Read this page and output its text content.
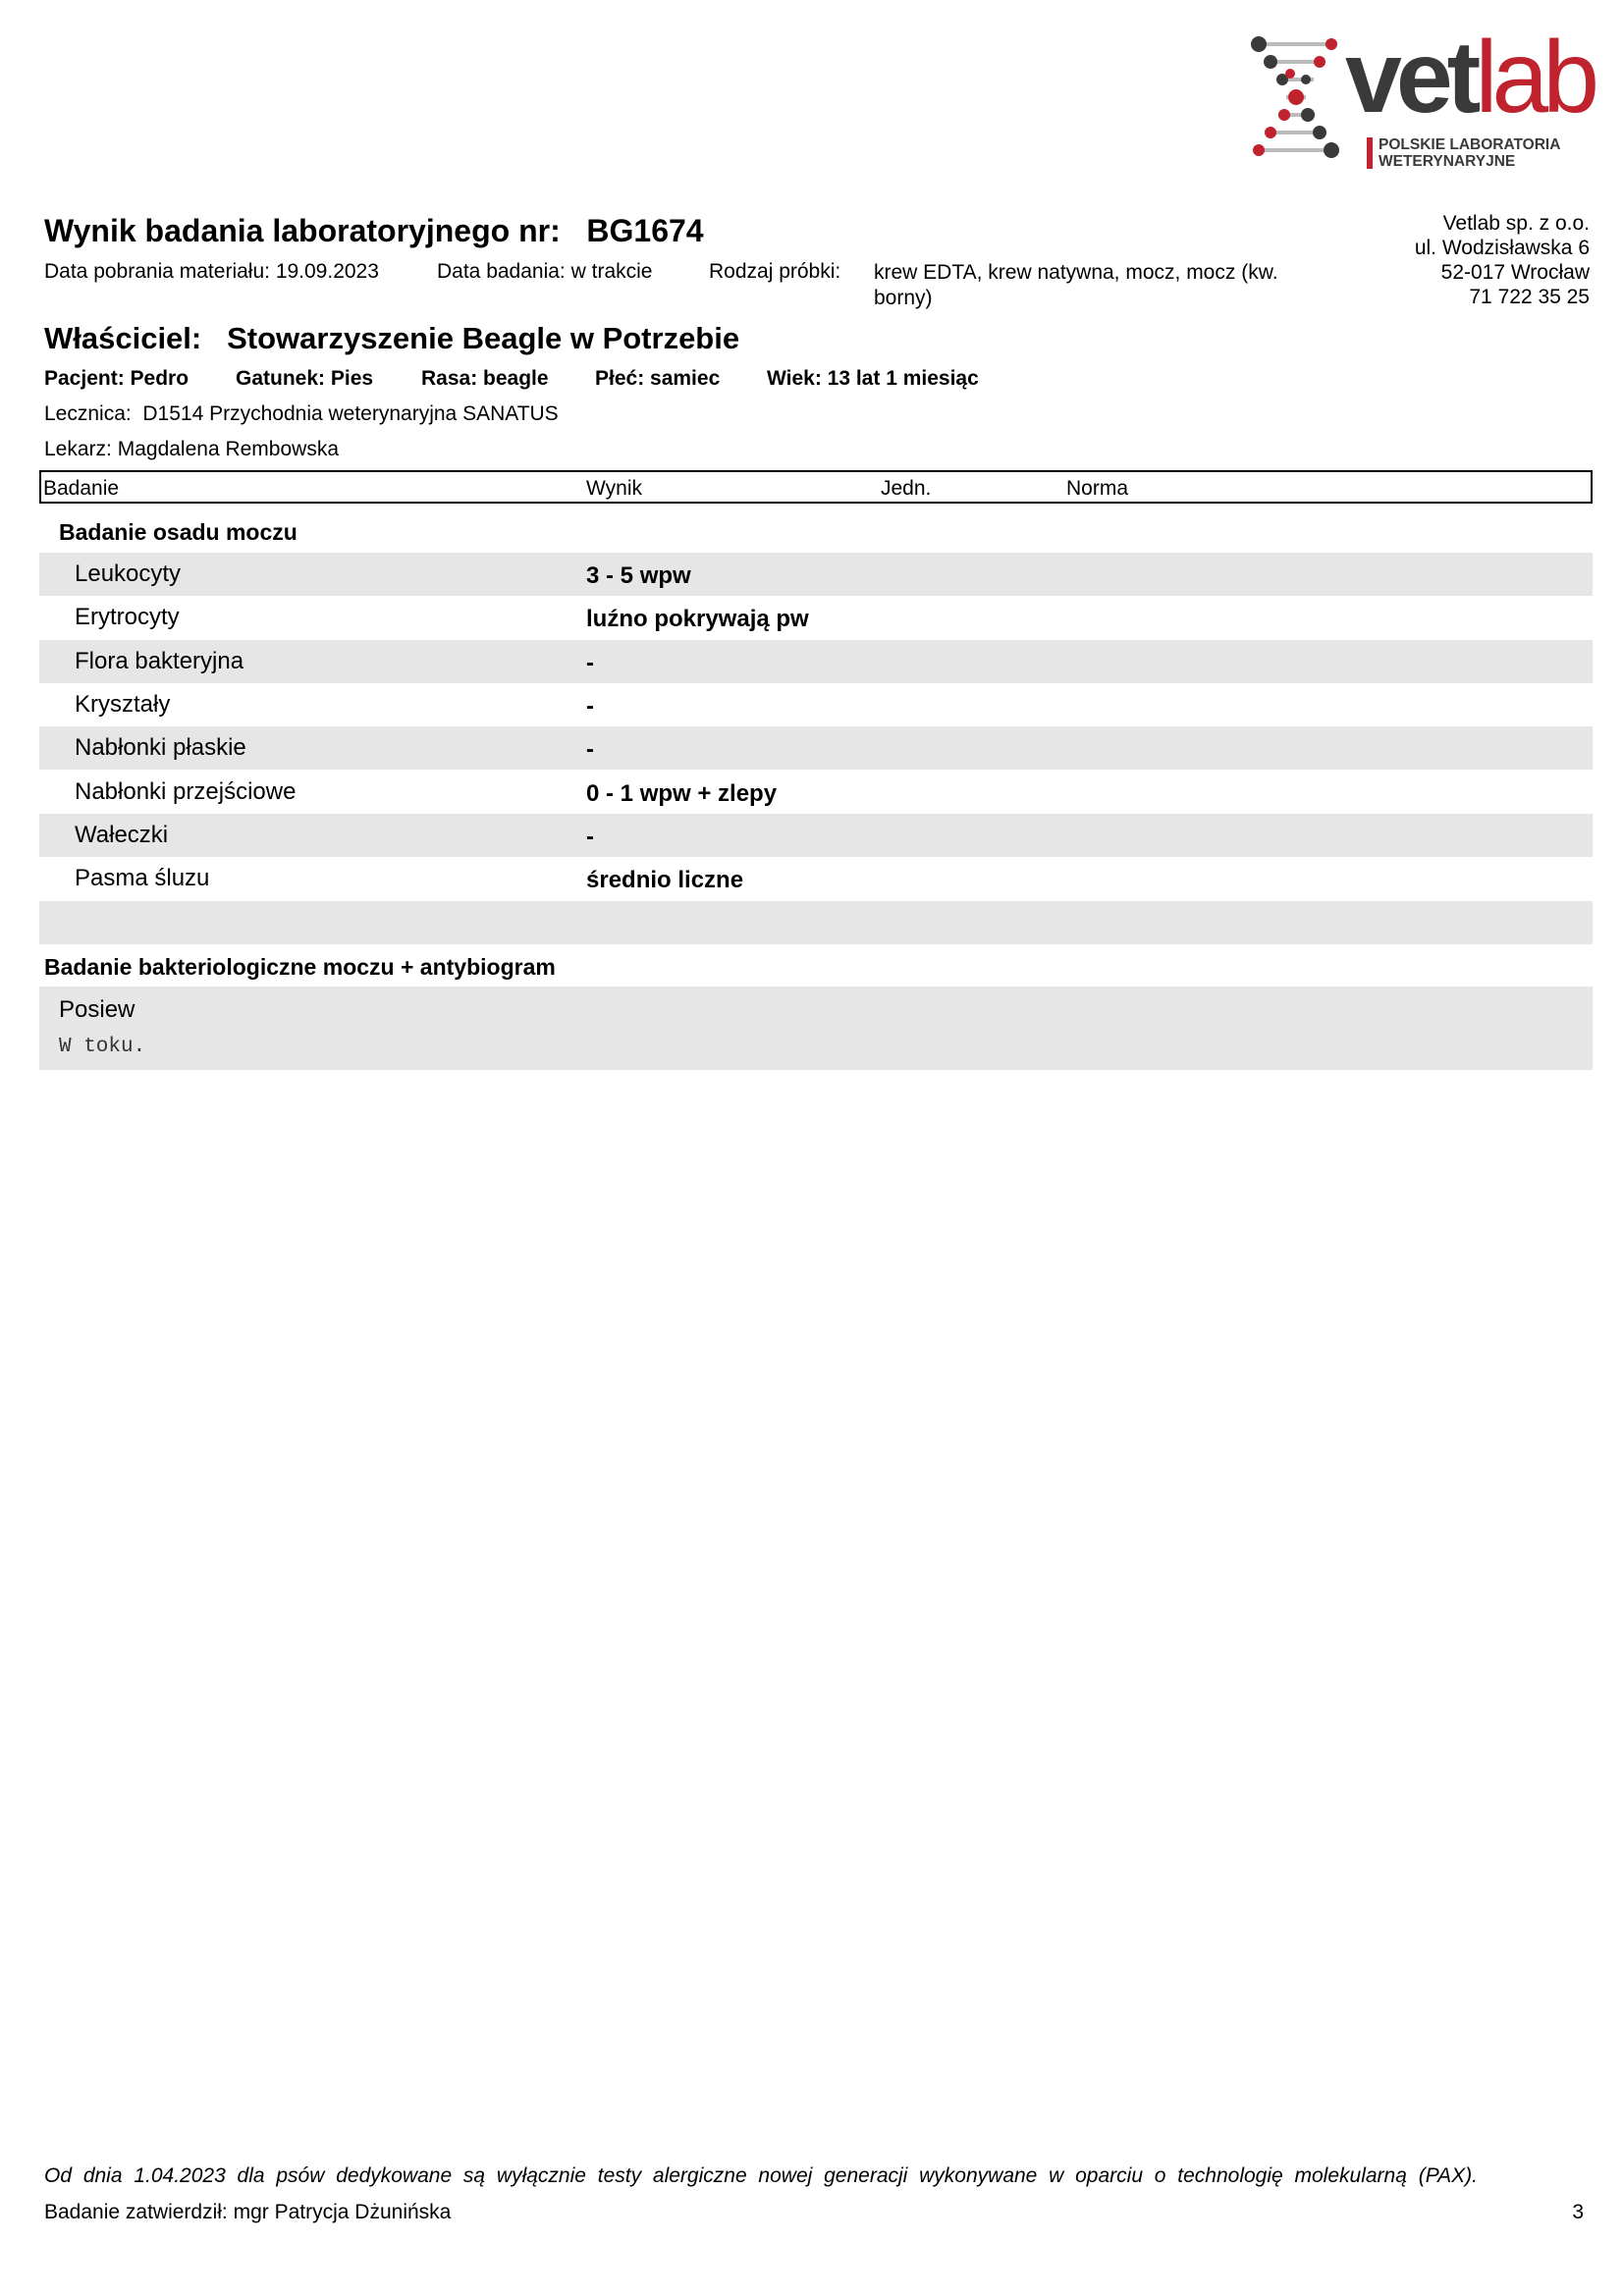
vetlab
POLSKIE LABORATORIA
WETERYNARYJNE
Wynik badania laboratoryjnego nr: BG1674
Data pobrania materiału: 19.09.2023	Data badania: w trakcie	Rodzaj próbki: krew EDTA, krew natywna, mocz, mocz (kw.
borny)
Vetlab sp. z o.o.
ul. Wodzisławska 6
52-017 Wrocław
71 722 35 25
Właściciel: Stowarzyszenie Beagle w Potrzebie
Pacjent: Pedro Gatunek: Pies Rasa: beagle Płeć: samiec Wiek: 13 lat 1 miesiąc
Lecznica: D1514 Przychodnia weterynaryjna SANATUS
Lekarz: Magdalena Rembowska
Badanie	Wynik	Jedn.	Norma
Badanie osadu moczu
Leukocyty	3 - 5 wpw
Erytrocyty	luźno pokrywają pw
Flora bakteryjna	-
Kryształy	-
Nabłonki płaskie	-
Nabłonki przejściowe	0 - 1 wpw + zlepy
Wałeczki	-
Pasma śluzu	średnio liczne
Badanie bakteriologiczne moczu + antybiogram
Posiew
W toku.
Od dnia 1.04.2023 dla psów dedykowane są wyłącznie testy alergiczne nowej generacji wykonywane w oparciu o technologię molekularną (PAX).
Badanie zatwierdził: mgr Patrycja Dżunińska	3
